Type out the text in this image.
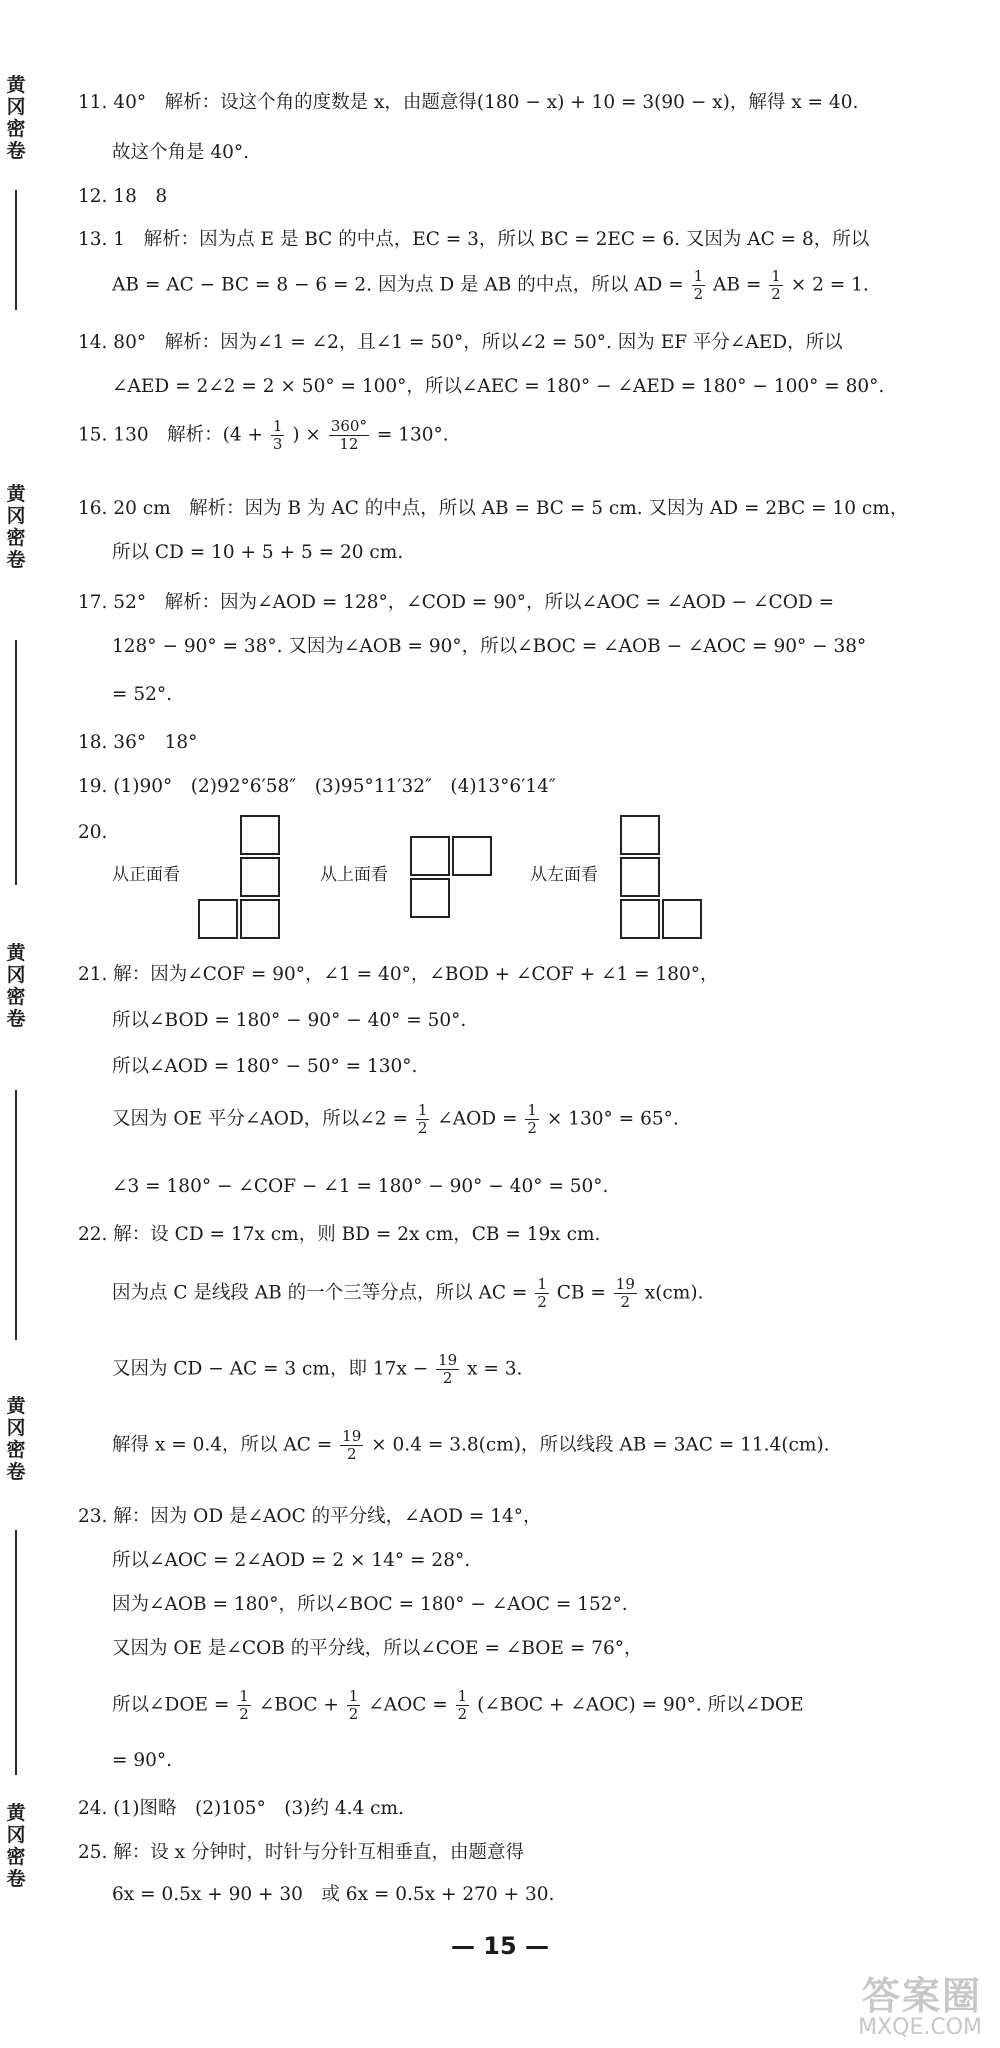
黄冈密卷
黄冈密卷
黄冈密卷
黄冈密卷
黄冈密卷
11. 40°　解析：设这个角的度数是 x，由题意得(180 − x) + 10 = 3(90 − x)，解得 x = 40.
故这个角是 40°.
12. 18　8
13. 1　解析：因为点 E 是 BC 的中点，EC = 3，所以 BC = 2EC = 6. 又因为 AC = 8，所以
AB = AC − BC = 8 − 6 = 2. 因为点 D 是 AB 的中点，所以 AD = $\frac{1}{2}$ AB = $\frac{1}{2} \times 2 = 1$.
14. 80°　解析：因为∠1 = ∠2，且∠1 = 50°，所以∠2 = 50°. 因为 EF 平分∠AED，所以
∠AED = 2∠2 = 2 × 50° = 100°，所以∠AEC = 180° − ∠AED = 180° − 100° = 80°.
15. 130　解析：($4 + \frac{1}{3}$ ) × $\frac{360^\circ}{12} = 130^\circ$.
16. 20 cm　解析：因为 B 为 AC 的中点，所以 AB = BC = 5 cm. 又因为 AD = 2BC = 10 cm，
所以 CD = 10 + 5 + 5 = 20 cm.
17. 52°　解析：因为∠AOD = 128°，∠COD = 90°，所以∠AOC = ∠AOD − ∠COD =
128° − 90° = 38°. 又因为∠AOB = 90°，所以∠BOC = ∠AOB − ∠AOC = 90° − 38°
= 52°.
18. 36°　18°
19. (1)90°　(2)92°6′58″　(3)95°11′32″　(4)13°6′14″
20.
从正面看	从上面看	从左面看
21. 解：因为∠COF = 90°，∠1 = 40°，∠BOD + ∠COF + ∠1 = 180°，
所以∠BOD = 180° − 90° − 40° = 50°.
所以∠AOD = 180° − 50° = 130°.
又因为 OE 平分∠AOD，所以∠2 = $\frac{1}{2}$ ∠AOD = $\frac{1}{2} \times 130^\circ = 65^\circ$.
∠3 = 180° − ∠COF − ∠1 = 180° − 90° − 40° = 50°.
22. 解：设 CD = 17x cm，则 BD = 2x cm，CB = 19x cm.
因为点 C 是线段 AB 的一个三等分点，所以 AC = $\frac{1}{2}$ CB = $\frac{19}{2} x(cm)$.
又因为 CD − AC = 3 cm，即 $17x - \frac{19}{2}$ x = 3.
解得 x = 0.4，所以 AC = $\frac{19}{2} \times 0.4 = 3.8(cm)$，所以线段 AB = 3AC = 11.4(cm).
23. 解：因为 OD 是∠AOC 的平分线，∠AOD = 14°，
所以∠AOC = 2∠AOD = 2 × 14° = 28°.
因为∠AOB = 180°，所以∠BOC = 180° − ∠AOC = 152°.
又因为 OE 是∠COB 的平分线，所以∠COE = ∠BOE = 76°，
所以∠DOE = $\frac{1}{2}$ ∠BOC + $\frac{1}{2}$ ∠AOC = $\frac{1}{2}$ (∠BOC + ∠AOC) = 90°. 所以∠DOE
= 90°.
24. (1)图略　(2)105°　(3)约 4.4 cm.
25. 解：设 x 分钟时，时针与分针互相垂直，由题意得
6x = 0.5x + 90 + 30　或 6x = 0.5x + 270 + 30.
— 15 —
答案圈
MXQE.COM
